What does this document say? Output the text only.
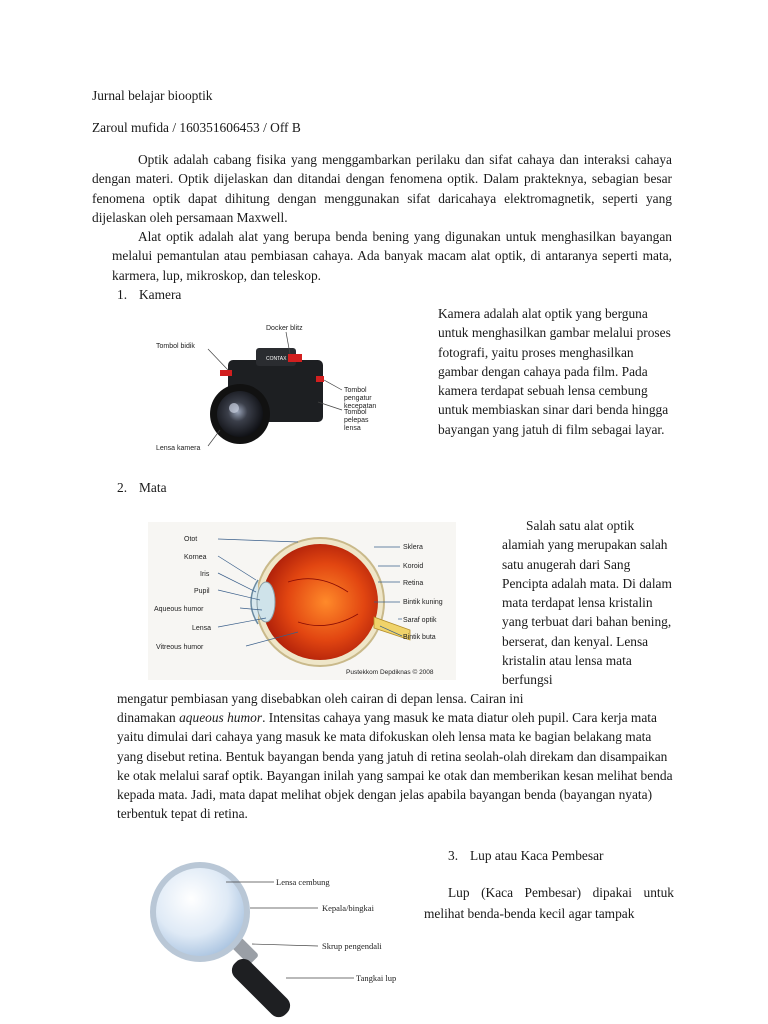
Jurnal belajar biooptik
Zaroul mufida / 160351606453 / Off B
Optik adalah cabang fisika yang menggambarkan perilaku dan sifat cahaya dan interaksi cahaya dengan materi. Optik dijelaskan dan ditandai dengan fenomena optik. Dalam prakteknya, sebagian besar fenomena optik dapat dihitung dengan menggunakan sifat daricahaya elektromagnetik, seperti yang dijelaskan oleh persamaan Maxwell.
Alat optik adalah alat yang berupa benda bening yang digunakan untuk menghasilkan bayangan melalui pemantulan atau pembiasan cahaya. Ada banyak macam alat optik, di antaranya seperti mata, karmera, lup, mikroskop, dan teleskop.
1. Kamera
CONTAX
Docker blitz
Tombol bidik
Lensa kamera
Tombol
pengatur
kecepatan
Tombol
pelepas
lensa
Kamera adalah alat optik yang berguna untuk menghasilkan gambar melalui proses fotografi, yaitu proses menghasilkan gambar dengan cahaya pada film. Pada kamera terdapat sebuah lensa cembung untuk membiaskan sinar dari benda hingga bayangan yang jatuh di film sebagai layar.
2. Mata
Otot
Kornea
Iris
Pupil
Aqueous humor
Lensa
Vitreous humor
Sklera
Koroid
Retina
Bintik kuning
Saraf optik
Bintik buta
Pustekkom Depdiknas © 2008
Salah satu alat optik alamiah yang merupakan salah satu anugerah dari Sang Pencipta adalah mata. Di dalam mata terdapat lensa kristalin yang terbuat dari bahan bening, berserat, dan kenyal. Lensa kristalin atau lensa mata berfungsi
mengatur pembiasan yang disebabkan oleh cairan di depan lensa. Cairan ini
dinamakan aqueous humor. Intensitas cahaya yang masuk ke mata diatur oleh pupil. Cara kerja mata yaitu dimulai dari cahaya yang masuk ke mata difokuskan oleh lensa mata ke bagian belakang mata yang disebut retina. Bentuk bayangan benda yang jatuh di retina seolah-olah direkam dan disampaikan ke otak melalui saraf optik. Bayangan inilah yang sampai ke otak dan memberikan kesan melihat benda kepada mata. Jadi, mata dapat melihat objek dengan jelas apabila bayangan benda (bayangan nyata) terbentuk tepat di retina.
3. Lup atau Kaca Pembesar
Lensa cembung
Kepala/bingkai
Skrup pengendali
Tangkai lup
Lup (Kaca Pembesar) dipakai untuk melihat benda-benda kecil agar tampak
